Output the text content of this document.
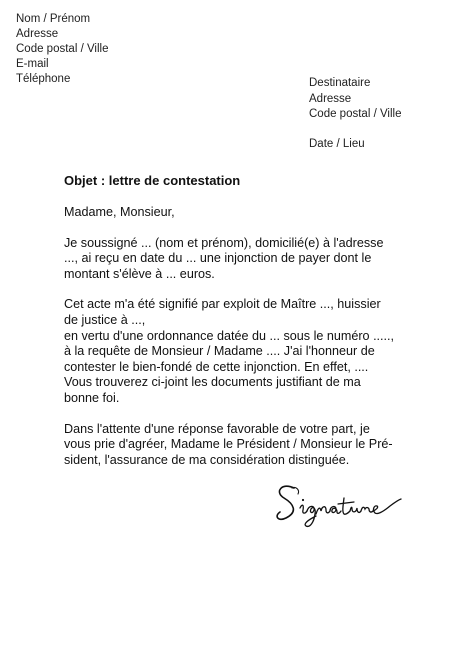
Nom / Prénom
Adresse
Code postal / Ville
E-mail
Téléphone	Destinataire
Adresse
Code postal / Ville
Date / Lieu
Objet : lettre de contestation

Madame, Monsieur,

Je soussigné ... (nom et prénom), domicilié(e) à l'adresse
..., ai reçu en date du ... une injonction de payer dont le
montant s'élève à ... euros.

Cet acte m'a été signifié par exploit de Maître ..., huissier
de justice à ...,
en vertu d'une ordonnance datée du ... sous le numéro .....,
à la requête de Monsieur / Madame .... J'ai l'honneur de
contester le bien-fondé de cette injonction. En effet, ....
Vous trouverez ci-joint les documents justifiant de ma
bonne foi.

Dans l'attente d'une réponse favorable de votre part, je
vous prie d'agréer, Madame le Président / Monsieur le Pré-
sident, l'assurance de ma considération distinguée.
